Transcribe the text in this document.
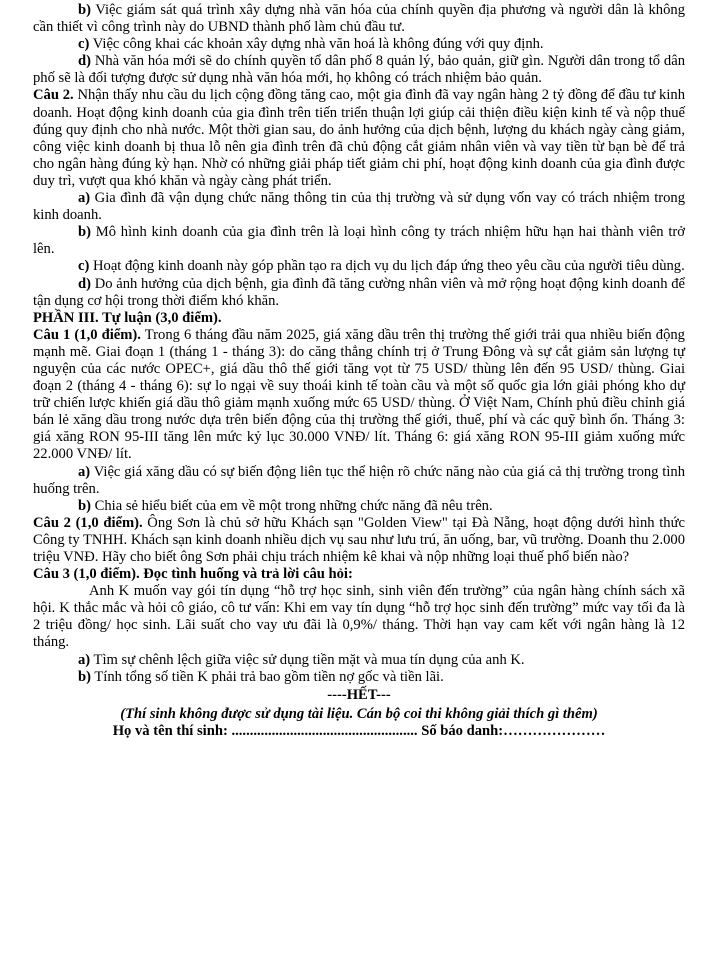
b) Việc giám sát quá trình xây dựng nhà văn hóa của chính quyền địa phương và người dân là không cần thiết vì công trình này do UBND thành phố làm chủ đầu tư.

c) Việc công khai các khoản xây dựng nhà văn hoá là không đúng với quy định.

d) Nhà văn hóa mới sẽ do chính quyền tổ dân phố 8 quản lý, bảo quản, giữ gìn. Người dân trong tổ dân phố sẽ là đối tượng được sử dụng nhà văn hóa mới, họ không có trách nhiệm bảo quản.

Câu 2. Nhận thấy nhu cầu du lịch cộng đồng tăng cao, một gia đình đã vay ngân hàng 2 tỷ đồng để đầu tư kinh doanh. Hoạt động kinh doanh của gia đình trên tiến triển thuận lợi giúp cải thiện điều kiện kinh tế và nộp thuế đúng quy định cho nhà nước. Một thời gian sau, do ảnh hưởng của dịch bệnh, lượng du khách ngày càng giảm, công việc kinh doanh bị thua lỗ nên gia đình trên đã chủ động cắt giảm nhân viên và vay tiền từ bạn bè để trả cho ngân hàng đúng kỳ hạn. Nhờ có những giải pháp tiết giảm chi phí, hoạt động kinh doanh của gia đình được duy trì, vượt qua khó khăn và ngày càng phát triển.

a) Gia đình đã vận dụng chức năng thông tin của thị trường và sử dụng vốn vay có trách nhiệm trong kinh doanh.

b) Mô hình kinh doanh của gia đình trên là loại hình công ty trách nhiệm hữu hạn hai thành viên trở lên.

c) Hoạt động kinh doanh này góp phần tạo ra dịch vụ du lịch đáp ứng theo yêu cầu của người tiêu dùng.

d) Do ảnh hưởng của dịch bệnh, gia đình đã tăng cường nhân viên và mở rộng hoạt động kinh doanh để tận dụng cơ hội trong thời điểm khó khăn.

PHẦN III. Tự luận (3,0 điểm).

Câu 1 (1,0 điểm). Trong 6 tháng đầu năm 2025, giá xăng dầu trên thị trường thế giới trải qua nhiều biến động mạnh mẽ. Giai đoạn 1 (tháng 1 - tháng 3): do căng thẳng chính trị ở Trung Đông và sự cắt giảm sản lượng tự nguyện của các nước OPEC+, giá dầu thô thế giới tăng vọt từ 75 USD/ thùng lên đến 95 USD/ thùng. Giai đoạn 2 (tháng 4 - tháng 6): sự lo ngại về suy thoái kinh tế toàn cầu và một số quốc gia lớn giải phóng kho dự trữ chiến lược khiến giá dầu thô giảm mạnh xuống mức 65 USD/ thùng. Ở Việt Nam, Chính phủ điều chỉnh giá bán lẻ xăng dầu trong nước dựa trên biến động của thị trường thế giới, thuế, phí và các quỹ bình ổn. Tháng 3: giá xăng RON 95-III tăng lên mức kỷ lục 30.000 VNĐ/ lít. Tháng 6: giá xăng RON 95-III giảm xuống mức 22.000 VNĐ/ lít.

a) Việc giá xăng dầu có sự biến động liên tục thể hiện rõ chức năng nào của giá cả thị trường trong tình huống trên.

b) Chia sẻ hiểu biết của em về một trong những chức năng đã nêu trên.

Câu 2 (1,0 điểm). Ông Sơn là chủ sở hữu Khách sạn "Golden View" tại Đà Nẵng, hoạt động dưới hình thức Công ty TNHH. Khách sạn kinh doanh nhiều dịch vụ sau như lưu trú, ăn uống, bar, vũ trường. Doanh thu 2.000 triệu VNĐ. Hãy cho biết ông Sơn phải chịu trách nhiệm kê khai và nộp những loại thuế phổ biến nào?

Câu 3 (1,0 điểm). Đọc tình huống và trả lời câu hỏi:

Anh K muốn vay gói tín dụng “hỗ trợ học sinh, sinh viên đến trường” của ngân hàng chính sách xã hội. K thắc mắc và hỏi cô giáo, cô tư vấn: Khi em vay tín dụng “hỗ trợ học sinh đến trường” mức vay tối đa là 2 triệu đồng/ học sinh. Lãi suất cho vay ưu đãi là 0,9%/ tháng. Thời hạn vay cam kết với ngân hàng là 12 tháng.

a) Tìm sự chênh lệch giữa việc sử dụng tiền mặt và mua tín dụng của anh K.

b) Tính tổng số tiền K phải trả bao gồm tiền nợ gốc và tiền lãi.

----HẾT---

(Thí sinh không được sử dụng tài liệu. Cán bộ coi thi không giải thích gì thêm)

Họ và tên thí sinh: ................................................... Số báo danh:…………………
